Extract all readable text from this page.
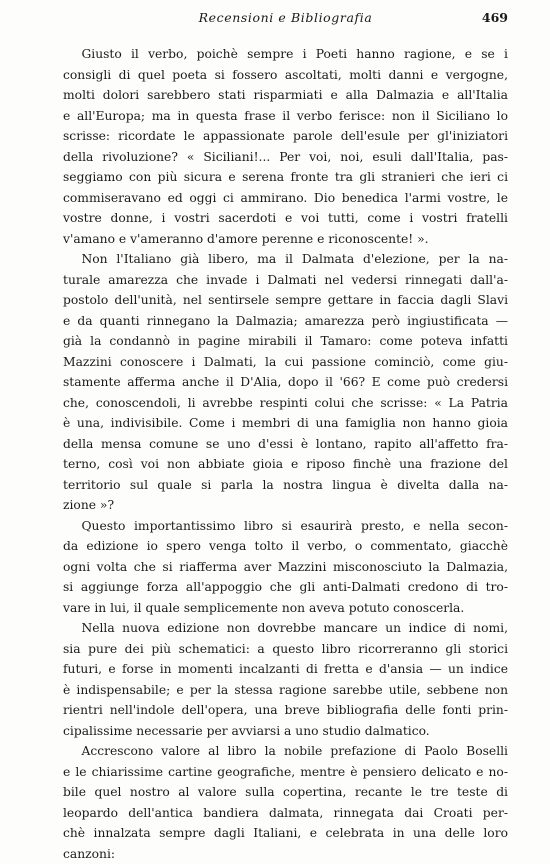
Recensioni e Bibliografia	469

Giusto il verbo, poichè sempre i Poeti hanno ragione, e se i
consigli di quel poeta si fossero ascoltati, molti danni e vergogne,
molti dolori sarebbero stati risparmiati e alla Dalmazia e all'Italia
e all'Europa; ma in questa frase il verbo ferisce: non il Siciliano lo
scrisse: ricordate le appassionate parole dell'esule per gl'iniziatori
della rivoluzione? « Siciliani!... Per voi, noi, esuli dall'Italia, pas-
seggiamo con più sicura e serena fronte tra gli stranieri che ieri ci
commiseravano ed oggi ci ammirano. Dio benedica l'armi vostre, le
vostre donne, i vostri sacerdoti e voi tutti, come i vostri fratelli
v'amano e v'ameranno d'amore perenne e riconoscente! ».

Non l'Italiano già libero, ma il Dalmata d'elezione, per la na-
turale amarezza che invade i Dalmati nel vedersi rinnegati dall'a-
postolo dell'unità, nel sentirsele sempre gettare in faccia dagli Slavi
e da quanti rinnegano la Dalmazia; amarezza però ingiustificata —
già la condannò in pagine mirabili il Tamaro: come poteva infatti
Mazzini conoscere i Dalmati, la cui passione cominciò, come giu-
stamente afferma anche il D'Alia, dopo il '66? E come può credersi
che, conoscendoli, li avrebbe respinti colui che scrisse: « La Patria
è una, indivisibile. Come i membri di una famiglia non hanno gioia
della mensa comune se uno d'essi è lontano, rapito all'affetto fra-
terno, così voi non abbiate gioia e riposo finchè una frazione del
territorio sul quale si parla la nostra lingua è divelta dalla na-
zione »?

Questo importantissimo libro si esaurirà presto, e nella secon-
da edizione io spero venga tolto il verbo, o commentato, giacchè
ogni volta che si riafferma aver Mazzini misconosciuto la Dalmazia,
si aggiunge forza all'appoggio che gli anti-Dalmati credono di tro-
vare in lui, il quale semplicemente non aveva potuto conoscerla.

Nella nuova edizione non dovrebbe mancare un indice di nomi,
sia pure dei più schematici: a questo libro ricorreranno gli storici
futuri, e forse in momenti incalzanti di fretta e d'ansia — un indice
è indispensabile; e per la stessa ragione sarebbe utile, sebbene non
rientri nell'indole dell'opera, una breve bibliografia delle fonti prin-
cipalissime necessarie per avviarsi a uno studio dalmatico.

Accrescono valore al libro la nobile prefazione di Paolo Boselli
e le chiarissime cartine geografiche, mentre è pensiero delicato e no-
bile quel nostro al valore sulla copertina, recante le tre teste di
leopardo dell'antica bandiera dalmata, rinnegata dai Croati per-
chè innalzata sempre dagli Italiani, e celebrata in una delle loro
canzoni:
